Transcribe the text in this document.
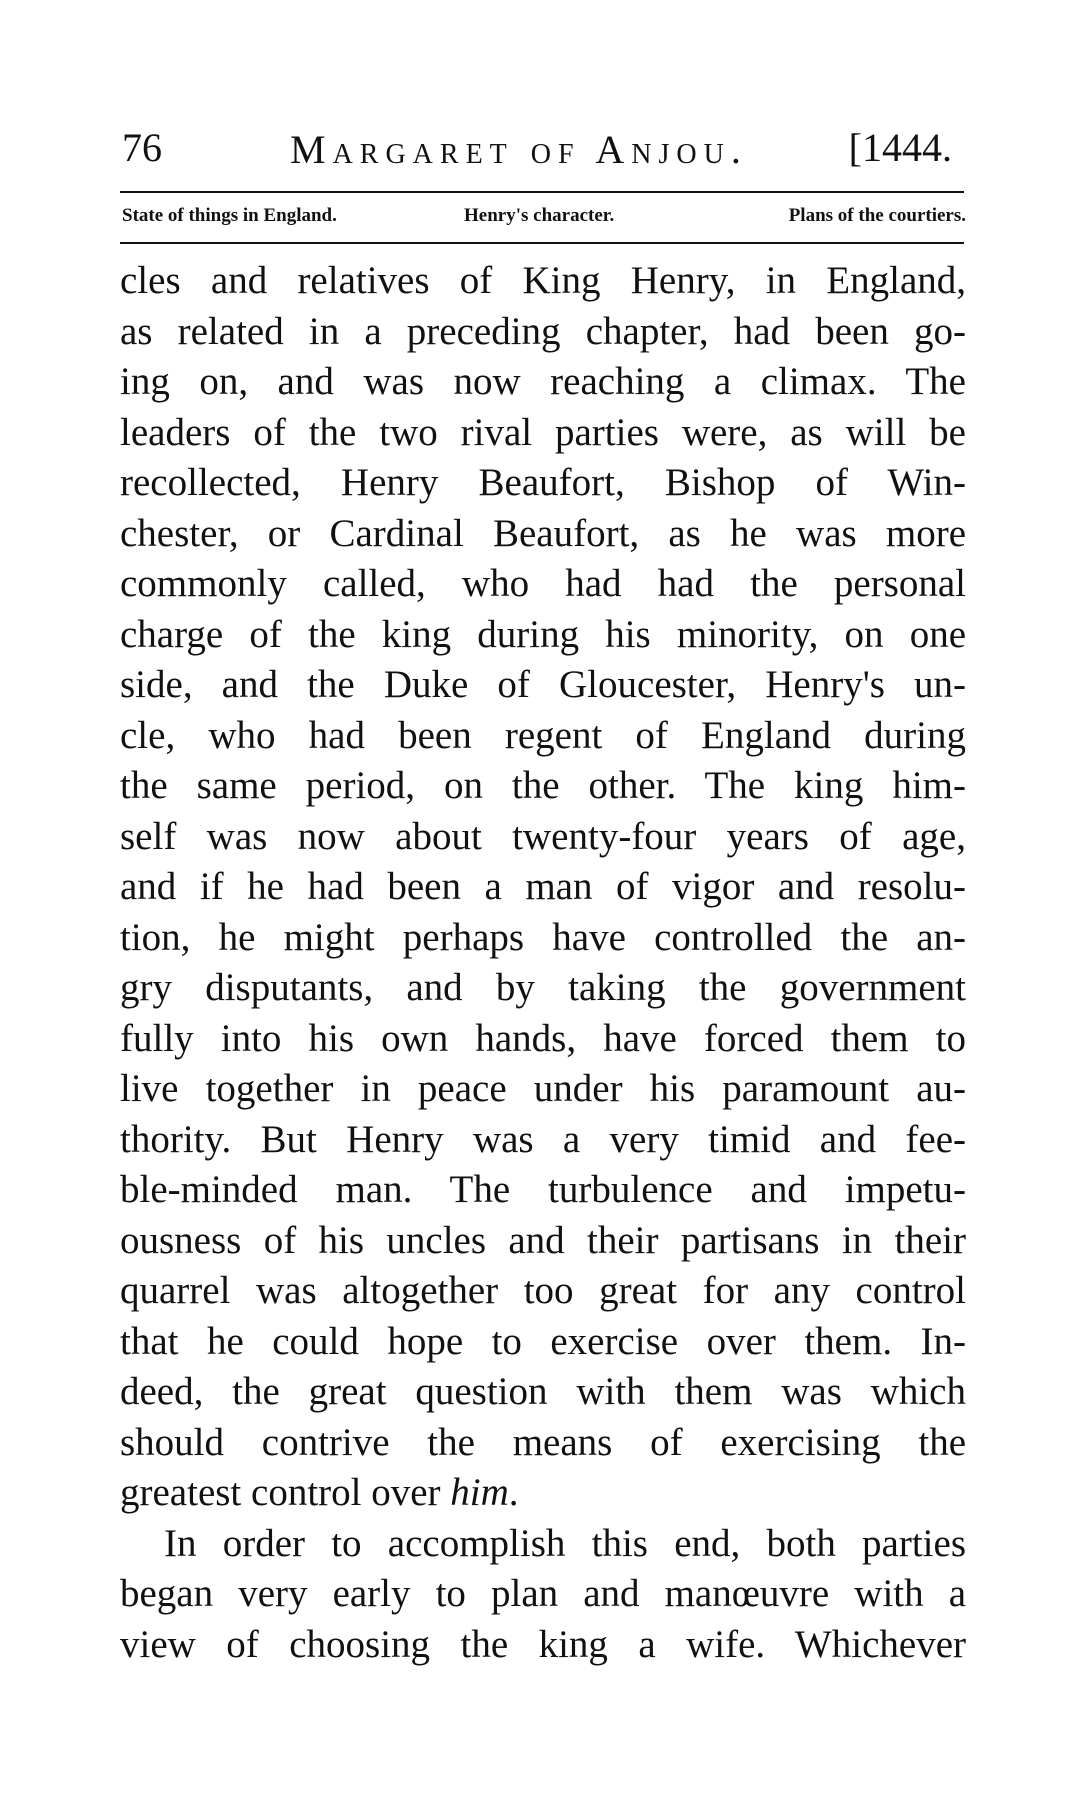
76	Margaret of Anjou.	[1444.
State of things in England.	Henry's character.	Plans of the courtiers.
cles and relatives of King Henry, in England,
as related in a preceding chapter, had been go-
ing on, and was now reaching a climax. The
leaders of the two rival parties were, as will be
recollected, Henry Beaufort, Bishop of Win-
chester, or Cardinal Beaufort, as he was more
commonly called, who had had the personal
charge of the king during his minority, on one
side, and the Duke of Gloucester, Henry's un-
cle, who had been regent of England during
the same period, on the other. The king him-
self was now about twenty-four years of age,
and if he had been a man of vigor and resolu-
tion, he might perhaps have controlled the an-
gry disputants, and by taking the government
fully into his own hands, have forced them to
live together in peace under his paramount au-
thority. But Henry was a very timid and fee-
ble-minded man. The turbulence and impetu-
ousness of his uncles and their partisans in their
quarrel was altogether too great for any control
that he could hope to exercise over them. In-
deed, the great question with them was which
should contrive the means of exercising the
greatest control over him.
In order to accomplish this end, both parties
began very early to plan and manœuvre with a
view of choosing the king a wife. Whichever
